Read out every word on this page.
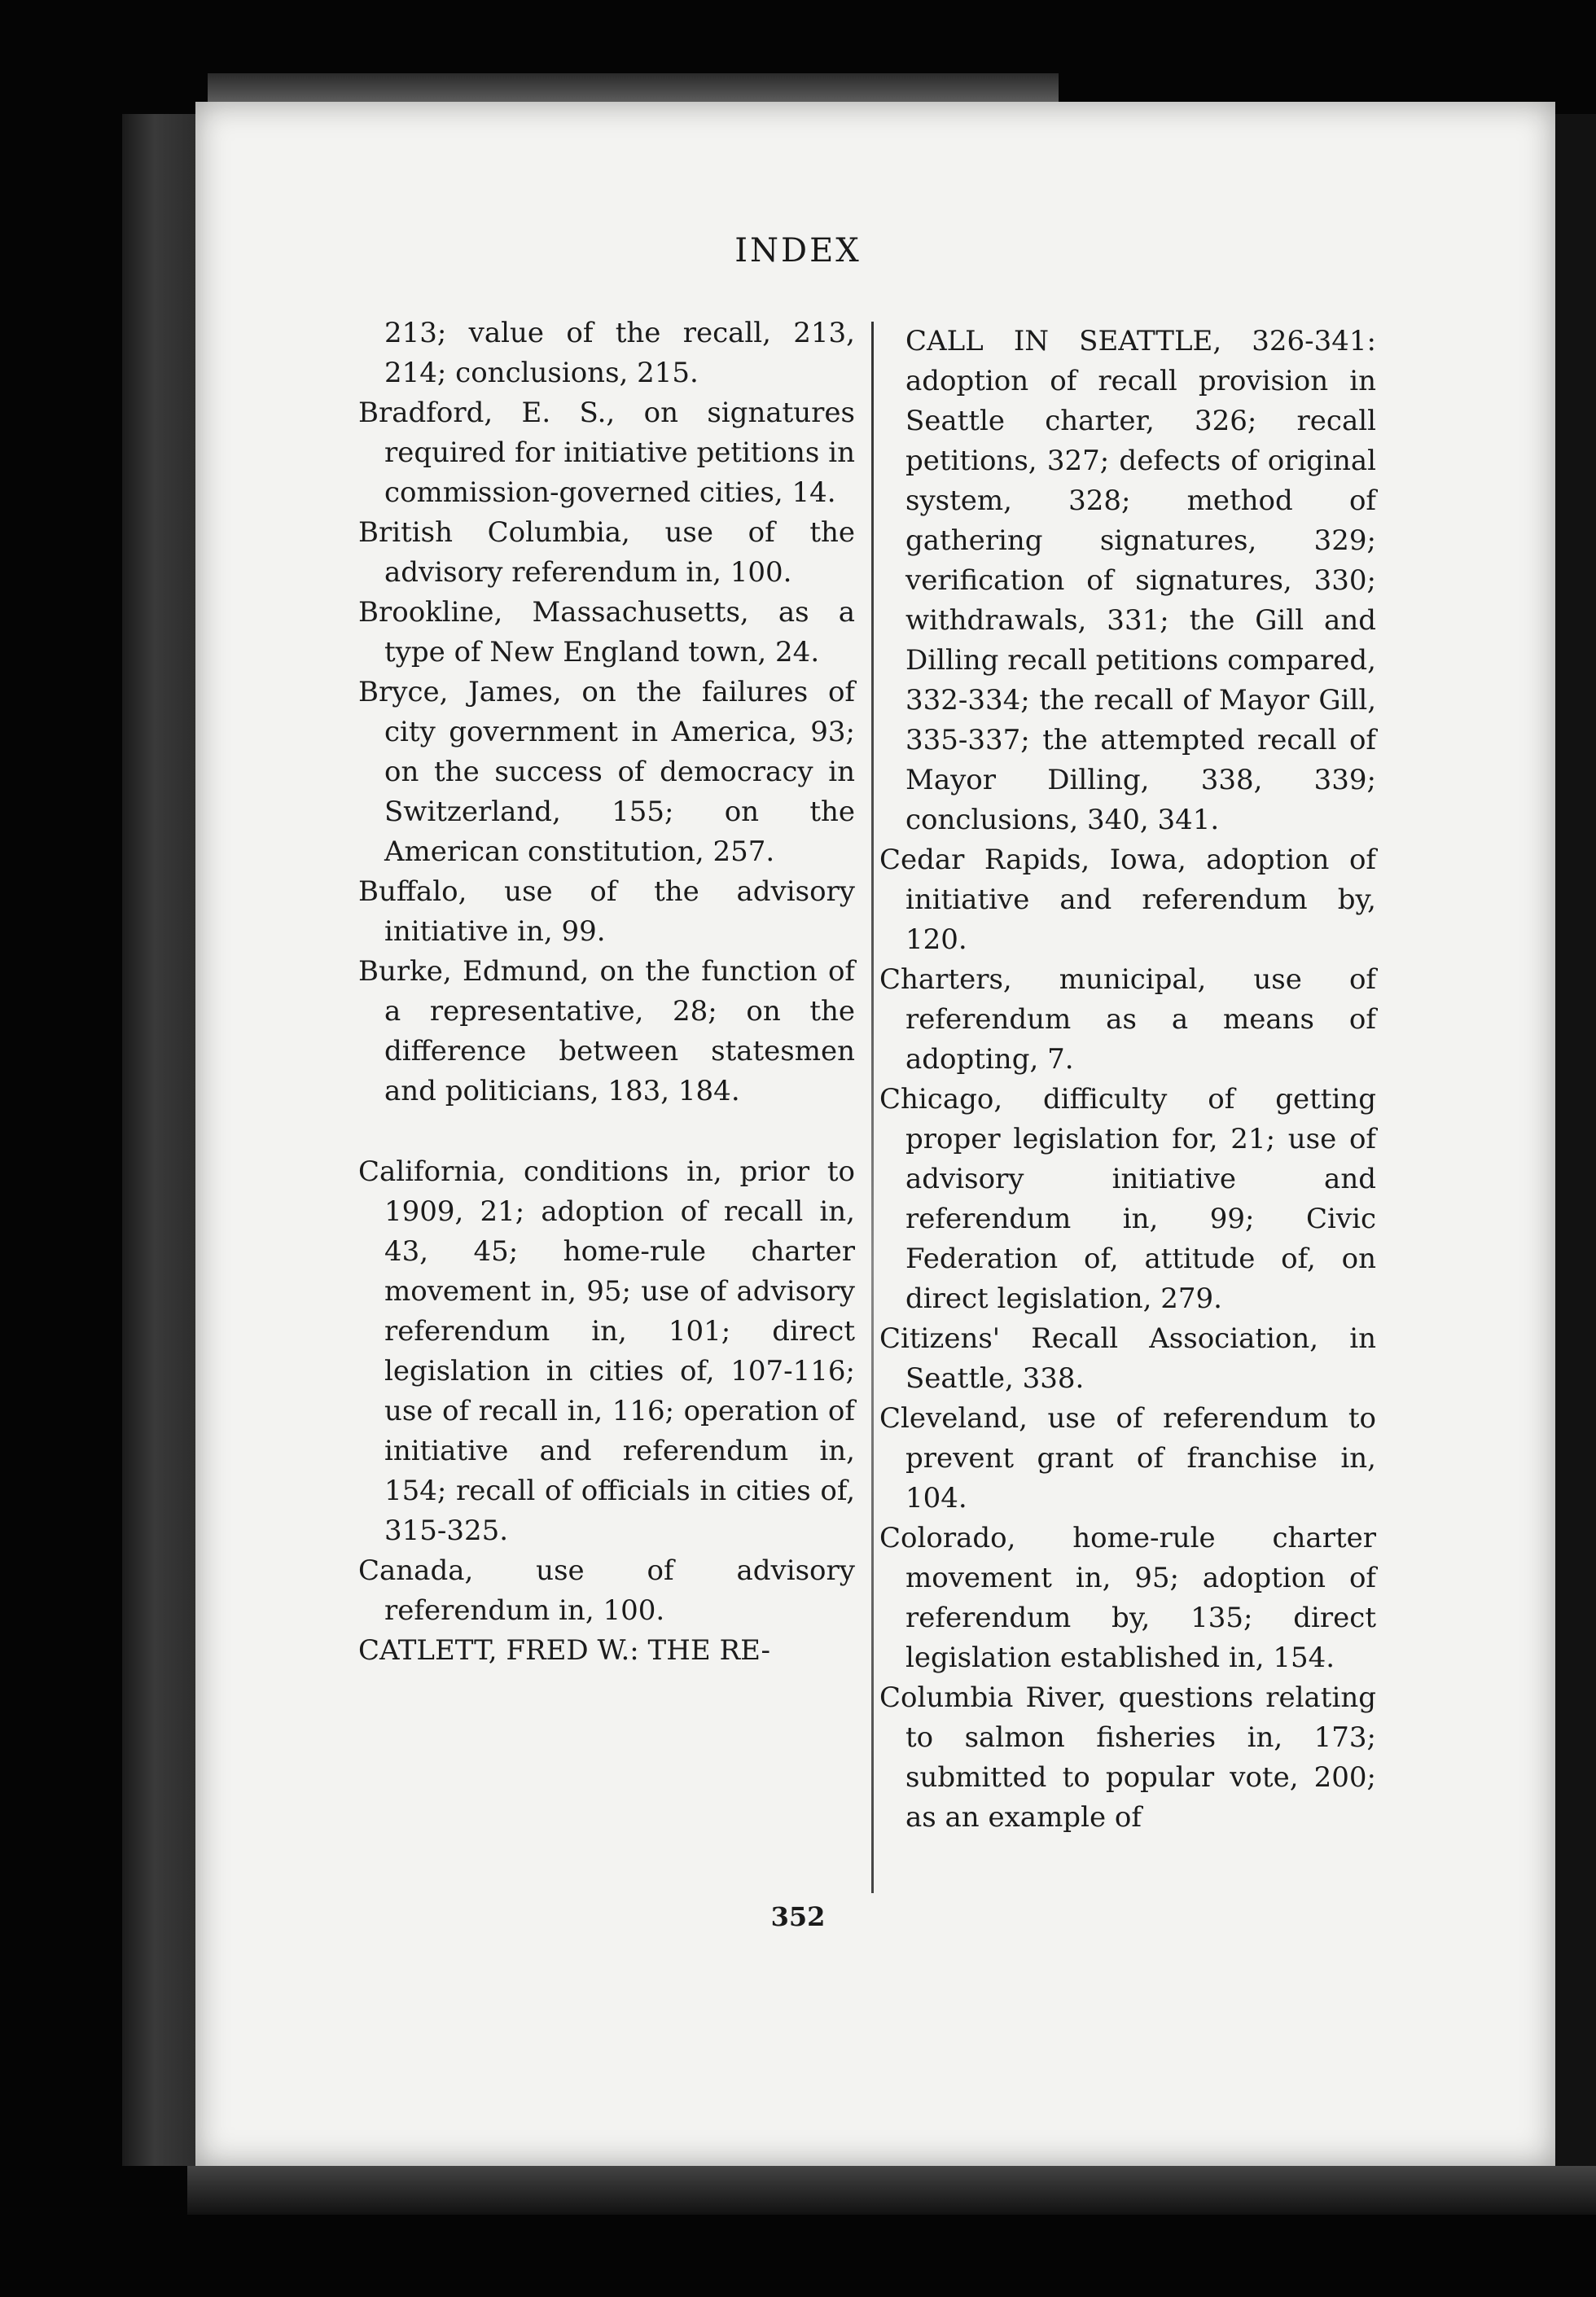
INDEX

213; value of the recall, 213, 214; conclusions, 215.

Bradford, E. S., on signatures required for initiative petitions in commission-governed cities, 14.

British Columbia, use of the advisory referendum in, 100.

Brookline, Massachusetts, as a type of New England town, 24.

Bryce, James, on the failures of city government in America, 93; on the success of democracy in Switzerland, 155; on the American constitution, 257.

Buffalo, use of the advisory initiative in, 99.

Burke, Edmund, on the function of a representative, 28; on the difference between statesmen and politicians, 183, 184.

California, conditions in, prior to 1909, 21; adoption of recall in, 43, 45; home-rule charter movement in, 95; use of advisory referendum in, 101; direct legislation in cities of, 107-116; use of recall in, 116; operation of initiative and referendum in, 154; recall of officials in cities of, 315-325.

Canada, use of advisory referendum in, 100.

CATLETT, FRED W.: THE RE-

CALL IN SEATTLE, 326-341: adoption of recall provision in Seattle charter, 326; recall petitions, 327; defects of original system, 328; method of gathering signatures, 329; verification of signatures, 330; withdrawals, 331; the Gill and Dilling recall petitions compared, 332-334; the recall of Mayor Gill, 335-337; the attempted recall of Mayor Dilling, 338, 339; conclusions, 340, 341.

Cedar Rapids, Iowa, adoption of initiative and referendum by, 120.

Charters, municipal, use of referendum as a means of adopting, 7.

Chicago, difficulty of getting proper legislation for, 21; use of advisory initiative and referendum in, 99; Civic Federation of, attitude of, on direct legislation, 279.

Citizens' Recall Association, in Seattle, 338.

Cleveland, use of referendum to prevent grant of franchise in, 104.

Colorado, home-rule charter movement in, 95; adoption of referendum by, 135; direct legislation established in, 154.

Columbia River, questions relating to salmon fisheries in, 173; submitted to popular vote, 200; as an example of

352
